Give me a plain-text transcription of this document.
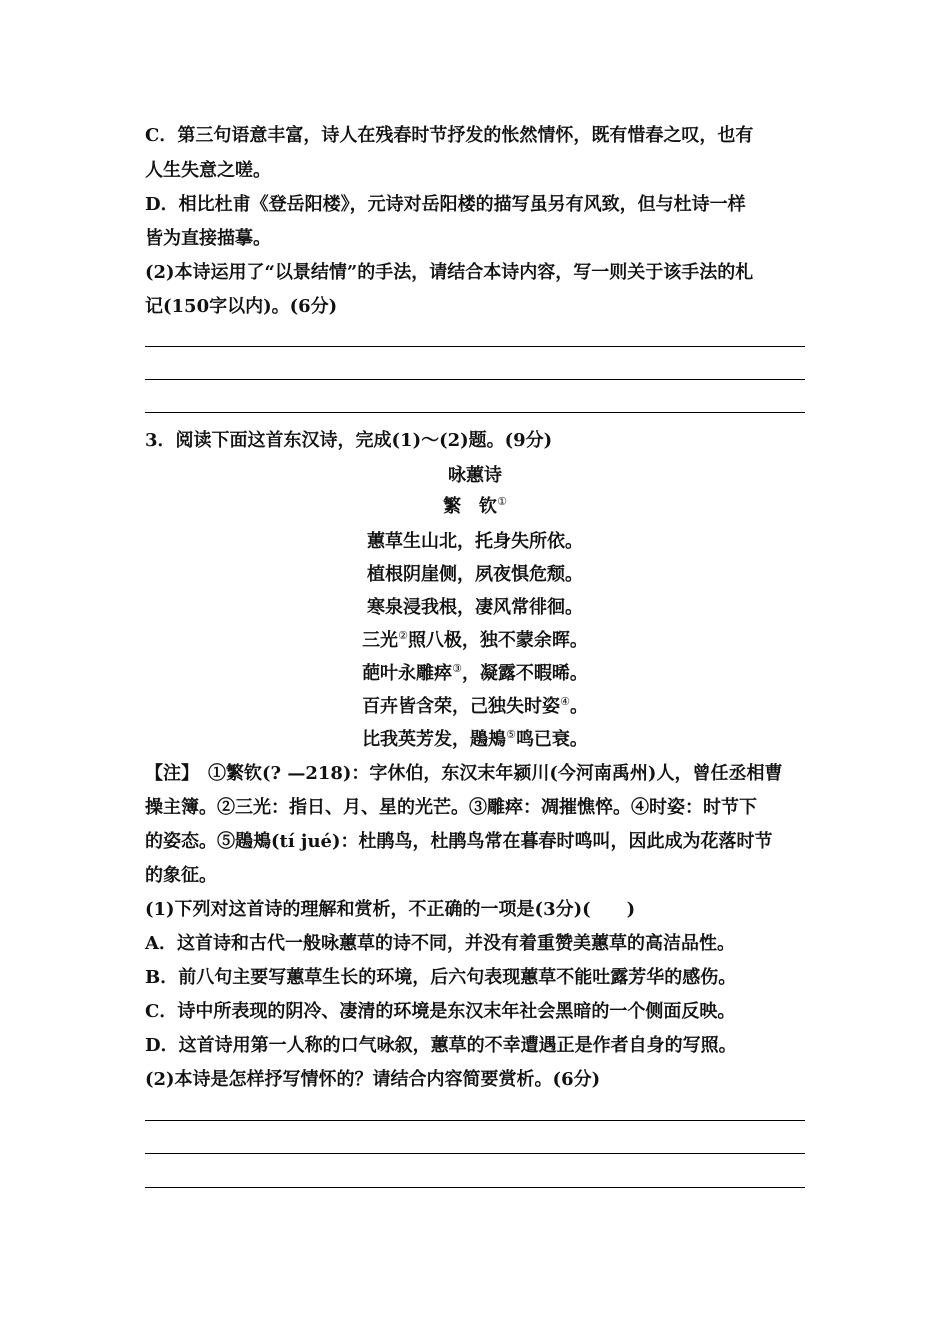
C．第三句语意丰富，诗人在残春时节抒发的怅然情怀，既有惜春之叹，也有
人生失意之嗟。
D．相比杜甫《登岳阳楼》，元诗对岳阳楼的描写虽另有风致，但与杜诗一样
皆为直接描摹。
(2)本诗运用了“以景结情”的手法，请结合本诗内容，写一则关于该手法的札
记(150字以内)。(6分)
3．阅读下面这首东汉诗，完成(1)～(2)题。(9分)
咏蕙诗
繁　钦①
蕙草生山北，托身失所依。
植根阴崖侧，夙夜惧危颓。
寒泉浸我根，凄风常徘徊。
三光②照八极，独不蒙余晖。
葩叶永雕瘁③，凝露不暇晞。
百卉皆含荣，己独失时姿④。
比我英芳发，鶗鴂⑤鸣已衰。
【注】　①繁钦(? —218)：字休伯，东汉末年颍川(今河南禹州)人，曾任丞相曹
操主簿。②三光：指日、月、星的光芒。③雕瘁：凋摧憔悴。④时姿：时节下
的姿态。⑤鶗鴂(tí jué)：杜鹃鸟，杜鹃鸟常在暮春时鸣叫，因此成为花落时节
的象征。
(1)下列对这首诗的理解和赏析，不正确的一项是(3分)(　　)
A．这首诗和古代一般咏蕙草的诗不同，并没有着重赞美蕙草的高洁品性。
B．前八句主要写蕙草生长的环境，后六句表现蕙草不能吐露芳华的感伤。
C．诗中所表现的阴冷、凄清的环境是东汉末年社会黑暗的一个侧面反映。
D．这首诗用第一人称的口气咏叙，蕙草的不幸遭遇正是作者自身的写照。
(2)本诗是怎样抒写情怀的？请结合内容简要赏析。(6分)
